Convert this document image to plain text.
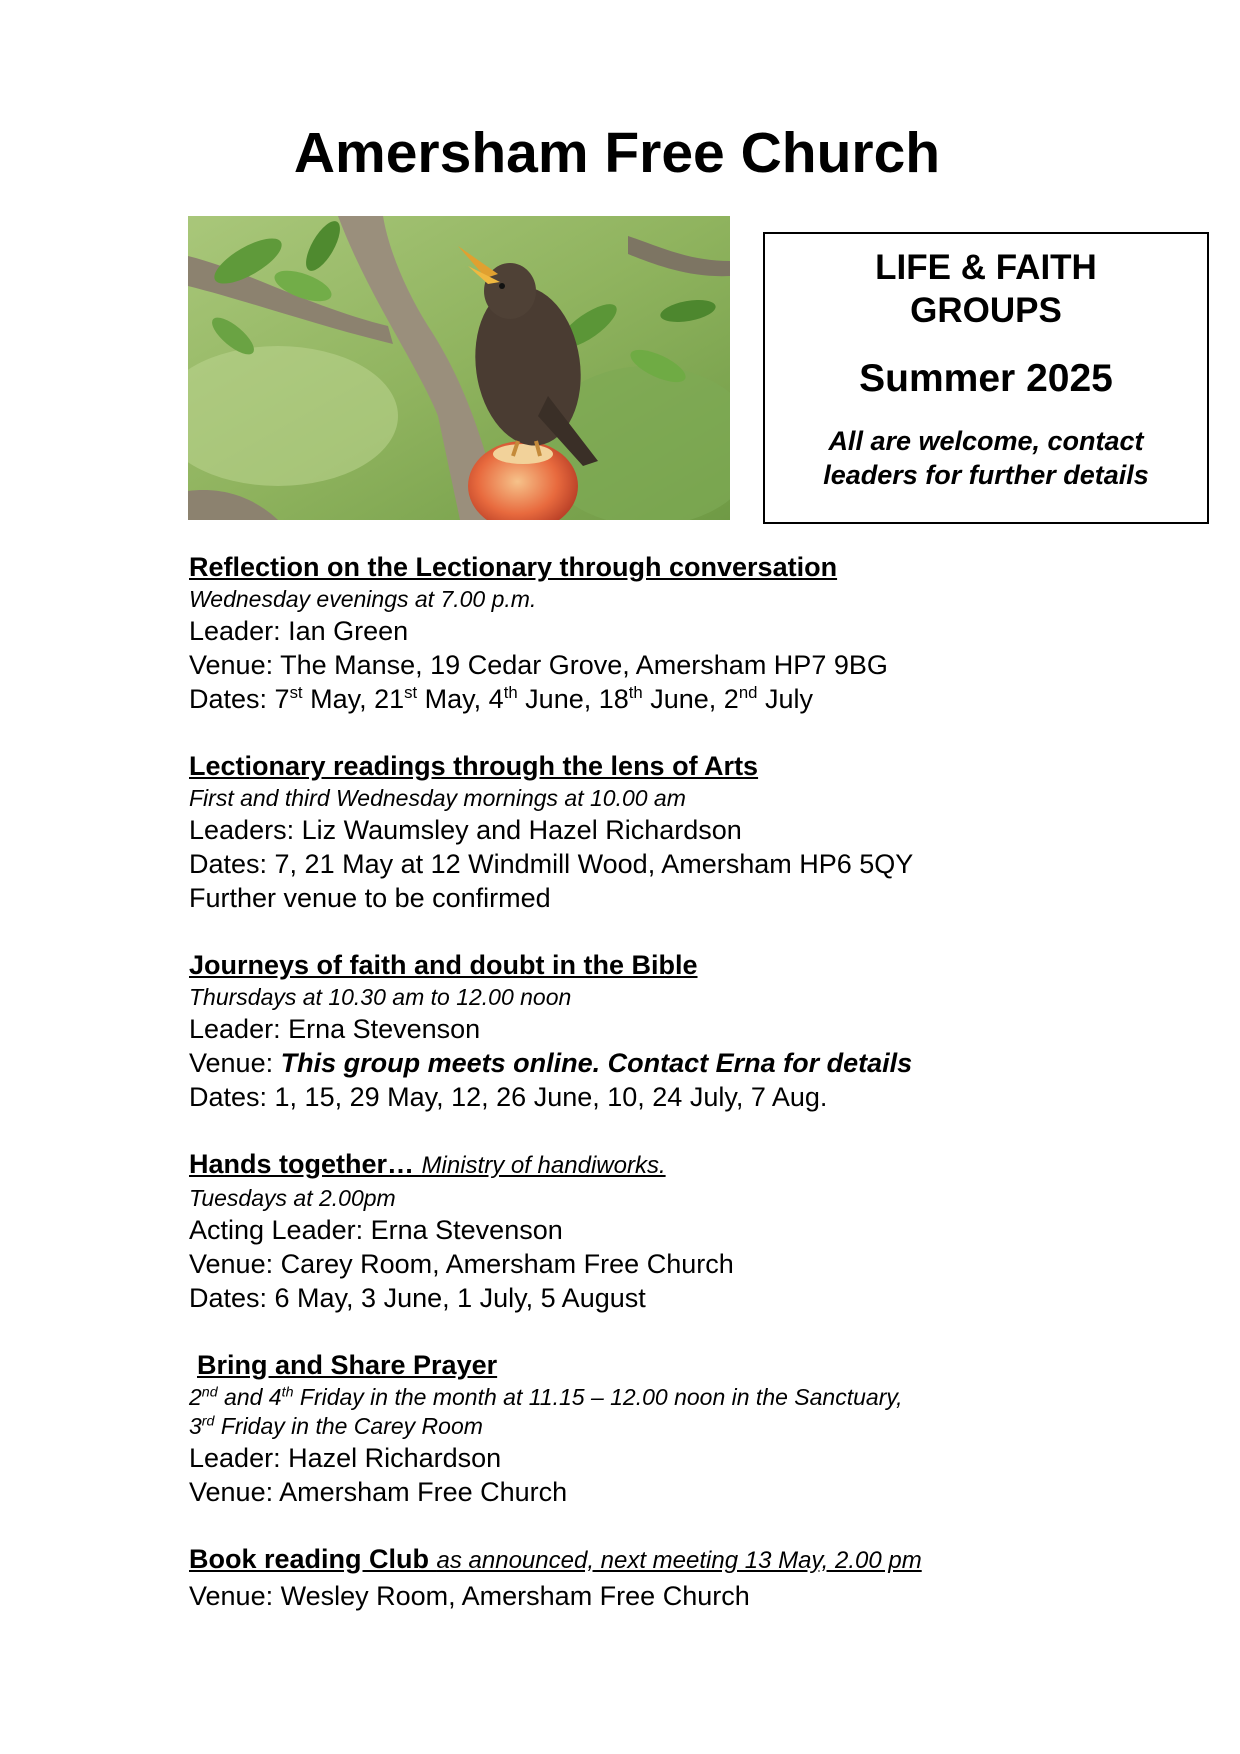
Amersham Free Church
LIFE & FAITH
GROUPS
Summer 2025
All are welcome, contact
leaders for further details
Reflection on the Lectionary through conversation
Wednesday evenings at 7.00 p.m.
Leader: Ian Green
Venue: The Manse, 19 Cedar Grove, Amersham HP7 9BG
Dates: 7st May, 21st May, 4th June, 18th June, 2nd July
Lectionary readings through the lens of Arts
First and third Wednesday mornings at 10.00 am
Leaders: Liz Waumsley and Hazel Richardson
Dates: 7, 21 May at 12 Windmill Wood, Amersham HP6 5QY
Further venue to be confirmed
Journeys of faith and doubt in the Bible
Thursdays at 10.30 am to 12.00 noon
Leader: Erna Stevenson
Venue: This group meets online. Contact Erna for details
Dates: 1, 15, 29 May, 12, 26 June, 10, 24 July, 7 Aug.
Hands together… Ministry of handiworks.
Tuesdays at 2.00pm
Acting Leader: Erna Stevenson
Venue: Carey Room, Amersham Free Church
Dates: 6 May, 3 June, 1 July, 5 August
Bring and Share Prayer
2nd and 4th Friday in the month at 11.15 – 12.00 noon in the Sanctuary,
3rd Friday in the Carey Room
Leader: Hazel Richardson
Venue: Amersham Free Church
Book reading Club as announced, next meeting 13 May, 2.00 pm
Venue: Wesley Room, Amersham Free Church
